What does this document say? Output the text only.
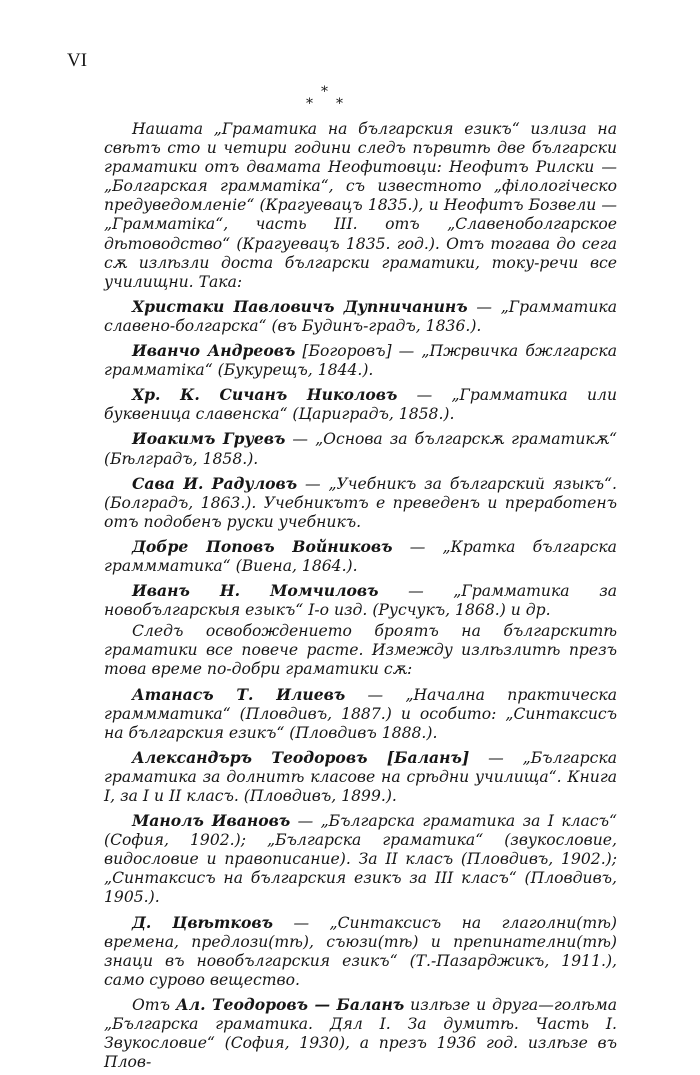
VI
*
*
*

Нашата „Граматика на българския езикъ“ излиза на свѣтъ сто и четири години следъ първитѣ две български граматики отъ двамата Неофитовци: Неофитъ Рилски — „Болгарская грамматіка“, съ известното „філологіческо предуведомленіе“ (Крагуевацъ 1835.), и Неофитъ Бозвели — „Грамматіка“, часть III. отъ „Славеноболгарское дѣтоводство“ (Крагуевацъ 1835. год.). Отъ тогава до сега сѫ излѣзли доста български граматики, току-речи все училищни. Така:

Христаки Павловичъ Дупничанинъ — „Грамматика славено-болгарска“ (въ Будинъ-градъ, 1836.).

Иванчо Андреовъ [Богоровъ] — „Пжрвичка бжлгарска грамматіка“ (Букурещъ, 1844.).

Хр. К. Сичанъ Николовъ — „Грамматика или буквеница славенска“ (Цариградъ, 1858.).

Иоакимъ Груевъ — „Основа за българскѫ граматикѫ“ (Бѣлградъ, 1858.).

Сава И. Радуловъ — „Учебникъ за българский языкъ“. (Болградъ, 1863.). Учебникътъ е преведенъ и преработенъ отъ подобенъ руски учебникъ.

Добре Поповъ Войниковъ — „Кратка българска граммматика“ (Виена, 1864.).

Иванъ Н. Момчиловъ — „Грамматика за новобългарскыя езыкъ“ I-о изд. (Русчукъ, 1868.) и др.

Следъ освобождението броятъ на българскитѣ граматики все повече расте. Измежду излѣзлитѣ презъ това време по-добри граматики сѫ:

Атанасъ Т. Илиевъ — „Начална практическа граммматика“ (Пловдивъ, 1887.) и особито: „Синтаксисъ на българския езикъ“ (Пловдивъ 1888.).

Александъръ Теодоровъ [Баланъ] — „Българска граматика за долнитѣ класове на срѣдни училища“. Книга I, за I и II класъ. (Пловдивъ, 1899.).

Манолъ Ивановъ — „Българска граматика за I класъ“ (София, 1902.); „Българска граматика“ (звукословие, видословие и правописание). За II класъ (Пловдивъ, 1902.); „Синтаксисъ на българския езикъ за III класъ“ (Пловдивъ, 1905.).

Д. Цвѣтковъ — „Синтаксисъ на глаголни(тѣ) времена, предлози(тѣ), съюзи(тѣ) и препинателни(тѣ) знаци въ новобългарския езикъ“ (Т.-Пазарджикъ, 1911.), само суровo вещество.

Отъ Ал. Теодоровъ — Баланъ излѣзе и друга—голѣма „Българска граматика. Дял I. За думитѣ. Часть I. Звукословие“ (София, 1930), а презъ 1936 год. излѣзе въ Плов-
